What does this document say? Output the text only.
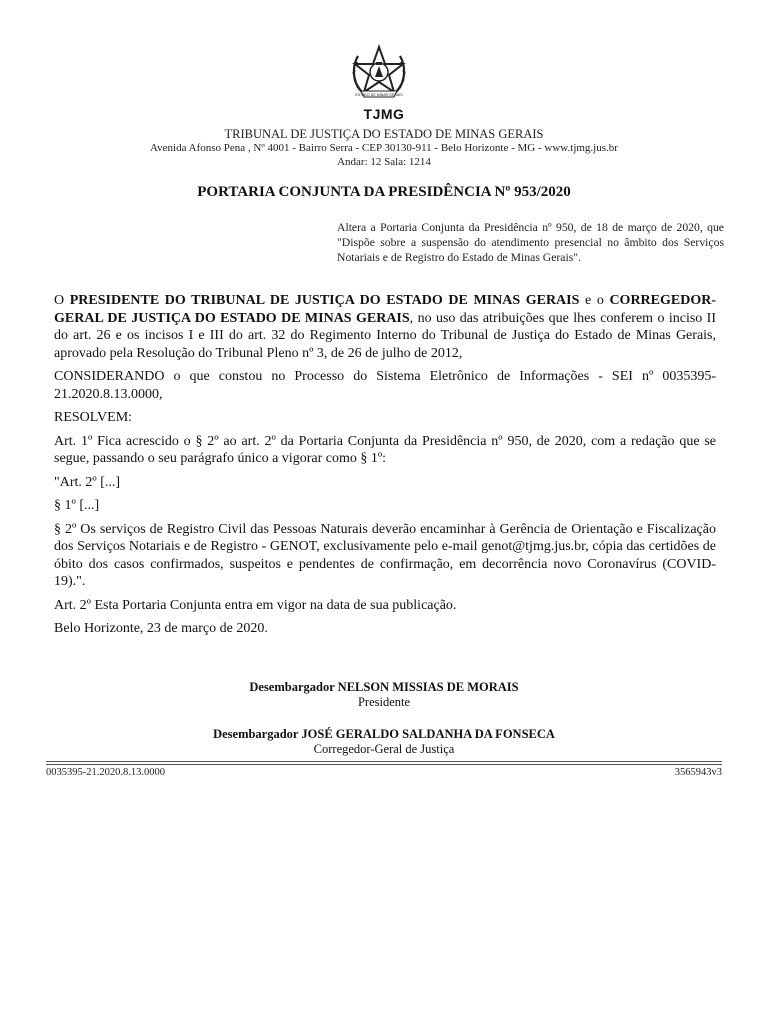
ESTADO DE MINAS GERAIS
TJMG
TRIBUNAL DE JUSTIÇA DO ESTADO DE MINAS GERAIS
Avenida Afonso Pena , Nº 4001 - Bairro Serra - CEP 30130-911 - Belo Horizonte - MG - www.tjmg.jus.br
Andar: 12 Sala: 1214
PORTARIA CONJUNTA DA PRESIDÊNCIA Nº 953/2020
Altera a Portaria Conjunta da Presidência nº 950, de 18 de março de 2020, que "Dispõe sobre a suspensão do atendimento presencial no âmbito dos Serviços Notariais e de Registro do Estado de Minas Gerais".

O PRESIDENTE DO TRIBUNAL DE JUSTIÇA DO ESTADO DE MINAS GERAIS e o CORREGEDOR-GERAL DE JUSTIÇA DO ESTADO DE MINAS GERAIS, no uso das atribuições que lhes conferem o inciso II do art. 26 e os incisos I e III do art. 32 do Regimento Interno do Tribunal de Justiça do Estado de Minas Gerais, aprovado pela Resolução do Tribunal Pleno nº 3, de 26 de julho de 2012,

CONSIDERANDO o que constou no Processo do Sistema Eletrônico de Informações - SEI nº 0035395-21.2020.8.13.0000,

RESOLVEM:

Art. 1º Fica acrescido o § 2º ao art. 2º da Portaria Conjunta da Presidência nº 950, de 2020, com a redação que se segue, passando o seu parágrafo único a vigorar como § 1º:

"Art. 2º [...]

§ 1º [...]

§ 2º Os serviços de Registro Civil das Pessoas Naturais deverão encaminhar à Gerência de Orientação e Fiscalização dos Serviços Notariais e de Registro - GENOT, exclusivamente pelo e-mail genot@tjmg.jus.br, cópia das certidões de óbito dos casos confirmados, suspeitos e pendentes de confirmação, em decorrência novo Coronavírus (COVID-19).".

Art. 2º Esta Portaria Conjunta entra em vigor na data de sua publicação.

Belo Horizonte, 23 de março de 2020.

Desembargador NELSON MISSIAS DE MORAIS
Presidente
Desembargador JOSÉ GERALDO SALDANHA DA FONSECA
Corregedor-Geral de Justiça
0035395-21.2020.8.13.0000	3565943v3
